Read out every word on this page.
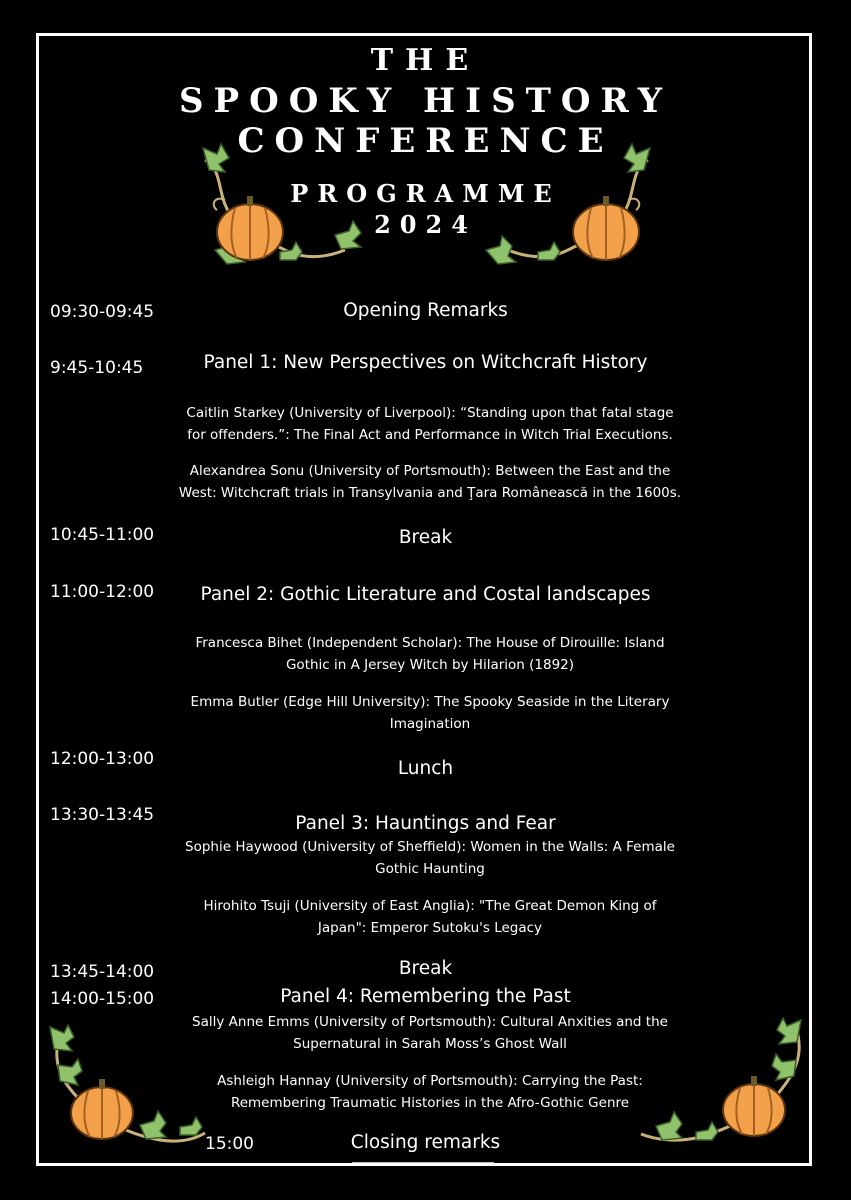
THE
SPOOKY HISTORY
CONFERENCE
PROGRAMME
2024
09:30-09:45	Opening Remarks
9:45-10:45	Panel 1: New Perspectives on Witchcraft History
Caitlin Starkey (University of Liverpool): “Standing upon that fatal stage
for offenders.”: The Final Act and Performance in Witch Trial Executions.
Alexandrea Sonu (University of Portsmouth): Between the East and the
West: Witchcraft trials in Transylvania and Ţara Românească in the 1600s.
10:45-11:00	Break
11:00-12:00	Panel 2: Gothic Literature and Costal landscapes
Francesca Bihet (Independent Scholar): The House of Dirouille: Island
Gothic in A Jersey Witch by Hilarion (1892)
Emma Butler (Edge Hill University): The Spooky Seaside in the Literary
Imagination
12:00-13:00	Lunch
13:30-13:45	Panel 3: Hauntings and Fear
Sophie Haywood (University of Sheffield): Women in the Walls: A Female
Gothic Haunting
Hirohito Tsuji (University of East Anglia): "The Great Demon King of
Japan": Emperor Sutoku's Legacy
13:45-14:00	Break
14:00-15:00	Panel 4: Remembering the Past
Sally Anne Emms (University of Portsmouth): Cultural Anxities and the
Supernatural in Sarah Moss’s Ghost Wall
Ashleigh Hannay (University of Portsmouth): Carrying the Past:
Remembering Traumatic Histories in the Afro-Gothic Genre
15:00	Closing remarks
